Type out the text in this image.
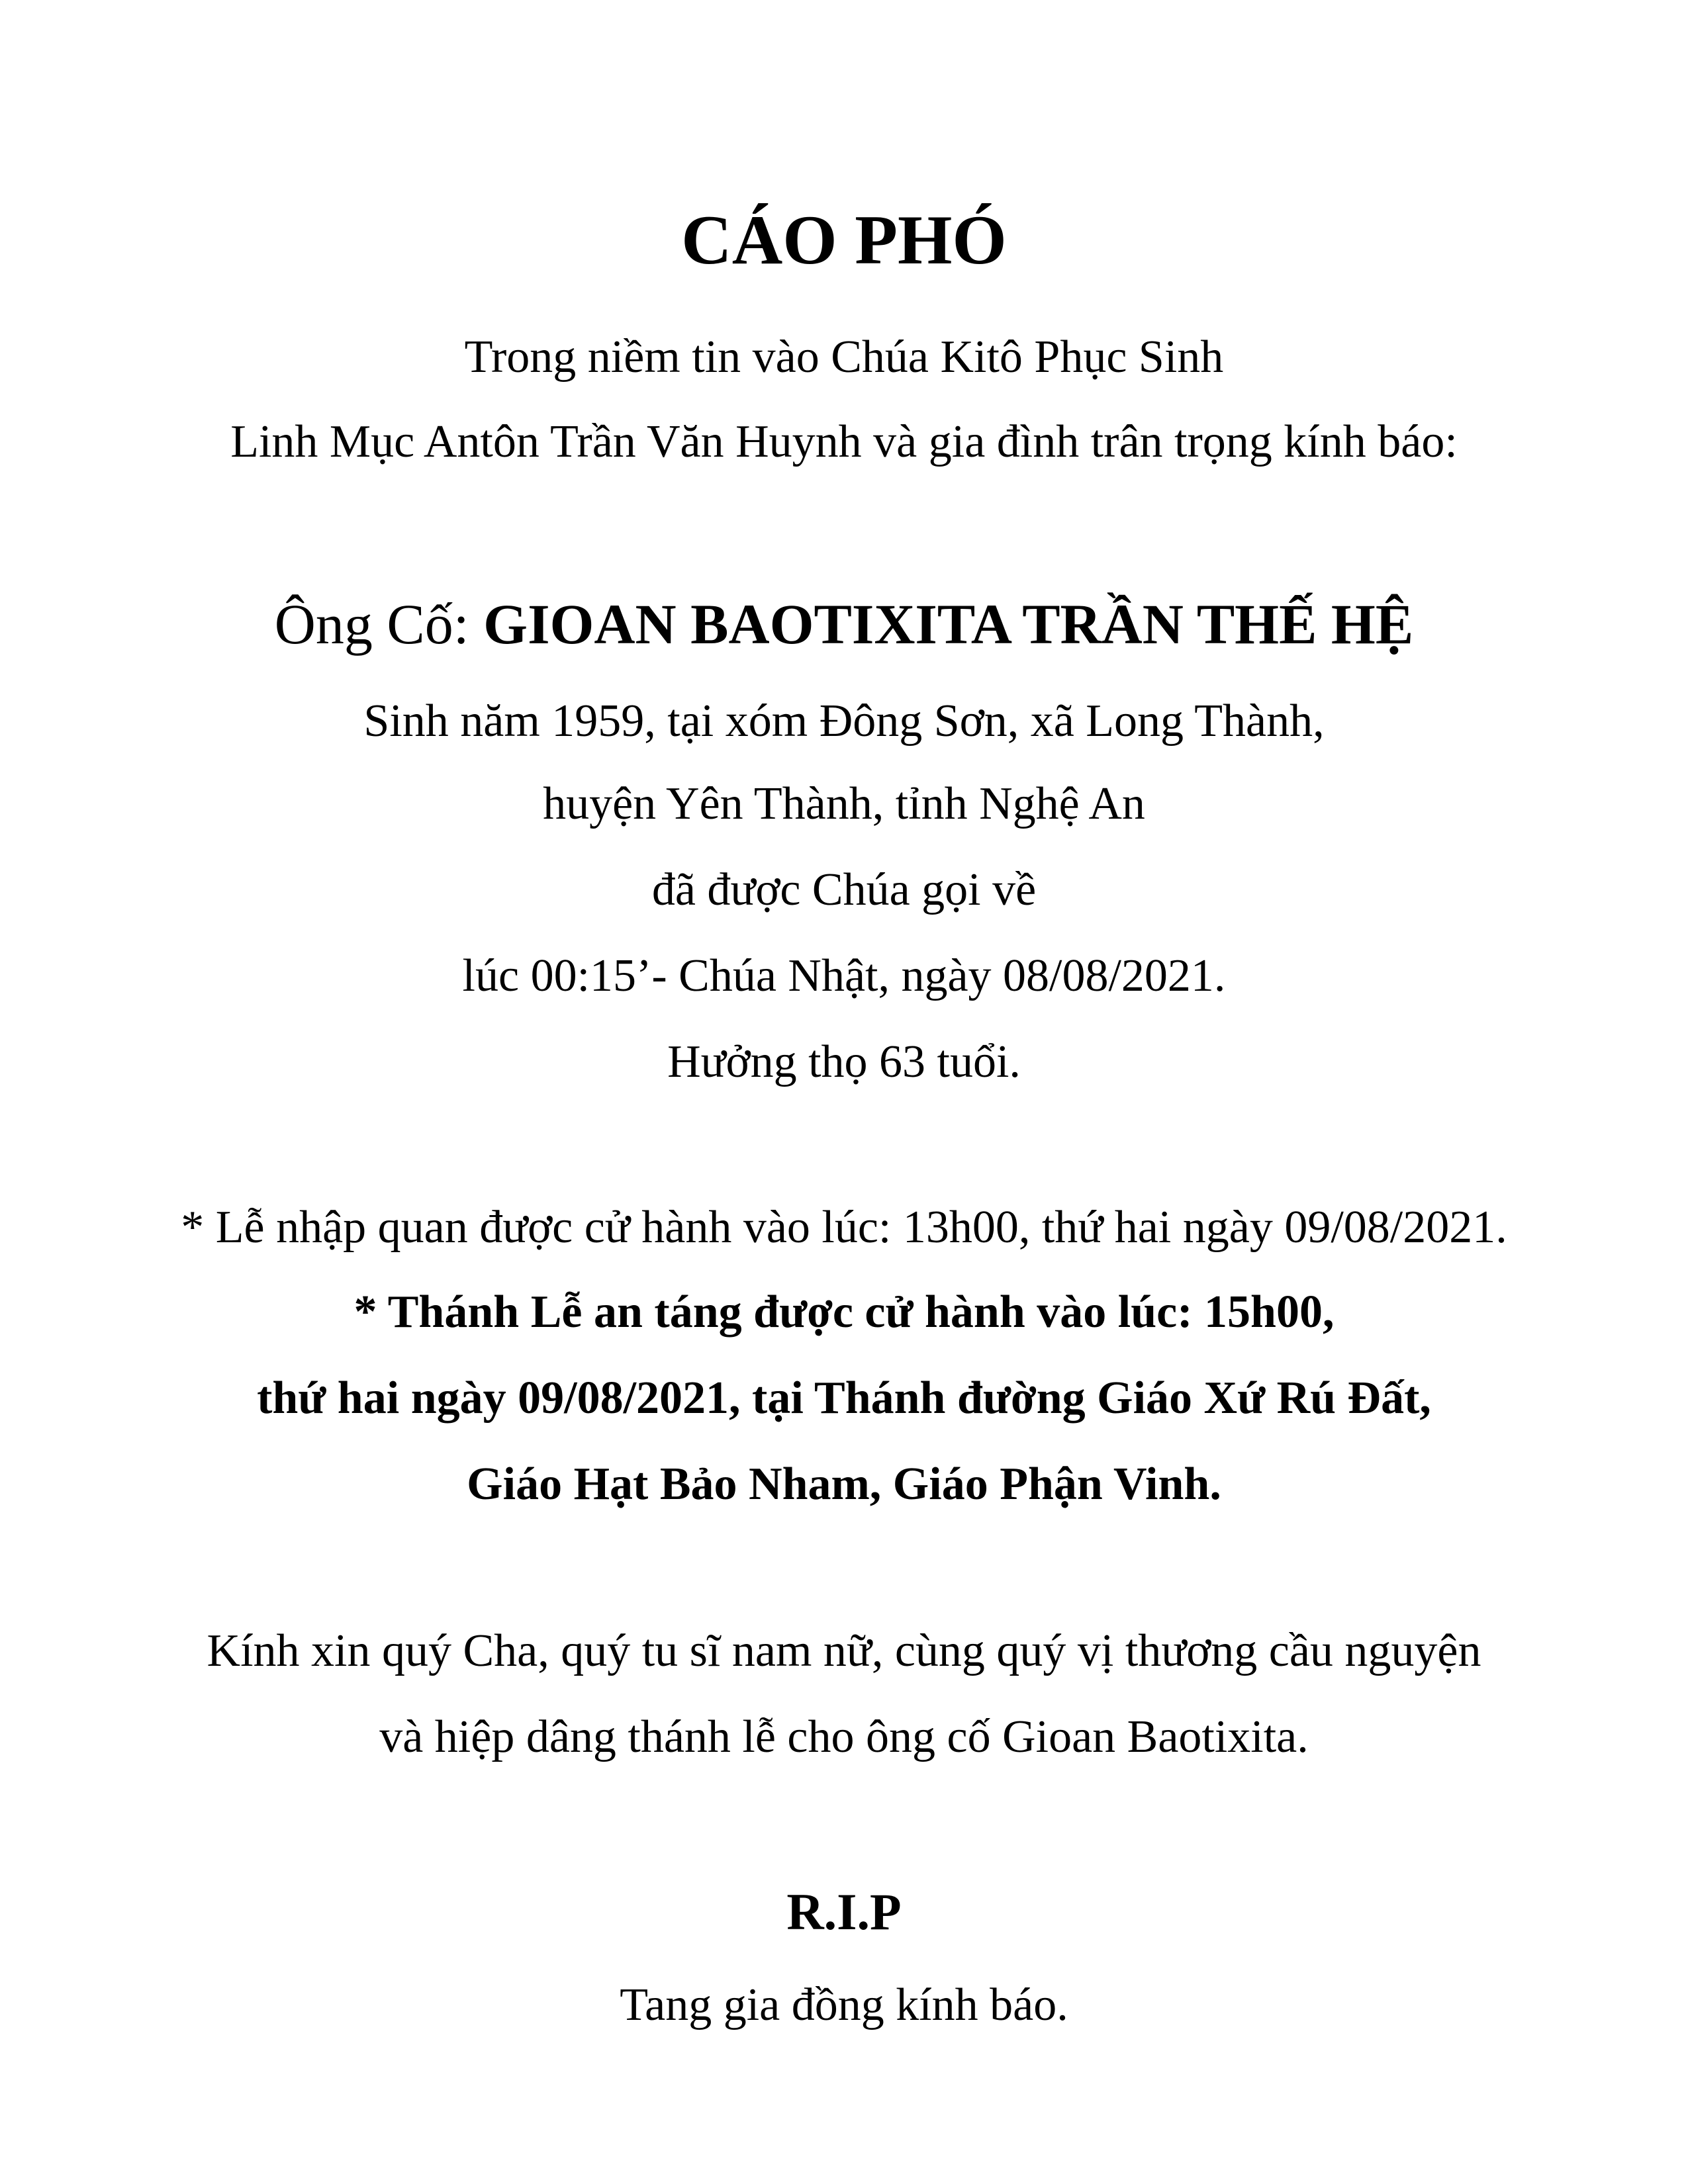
CÁO PHÓ
Trong niềm tin vào Chúa Kitô Phục Sinh
Linh Mục Antôn Trần Văn Huynh và gia đình trân trọng kính báo:
Ông Cố: GIOAN BAOTIXITA TRẦN THẾ HỆ
Sinh năm 1959, tại xóm Đông Sơn, xã Long Thành,
huyện Yên Thành, tỉnh Nghệ An
đã được Chúa gọi về
lúc 00:15’- Chúa Nhật, ngày 08/08/2021.
Hưởng thọ 63 tuổi.
* Lễ nhập quan được cử hành vào lúc: 13h00, thứ hai ngày 09/08/2021.
* Thánh Lễ an táng được cử hành vào lúc: 15h00,
thứ hai ngày 09/08/2021, tại Thánh đường Giáo Xứ Rú Đất,
Giáo Hạt Bảo Nham, Giáo Phận Vinh.
Kính xin quý Cha, quý tu sĩ nam nữ, cùng quý vị thương cầu nguyện
và hiệp dâng thánh lễ cho ông cố Gioan Baotixita.
R.I.P
Tang gia đồng kính báo.
